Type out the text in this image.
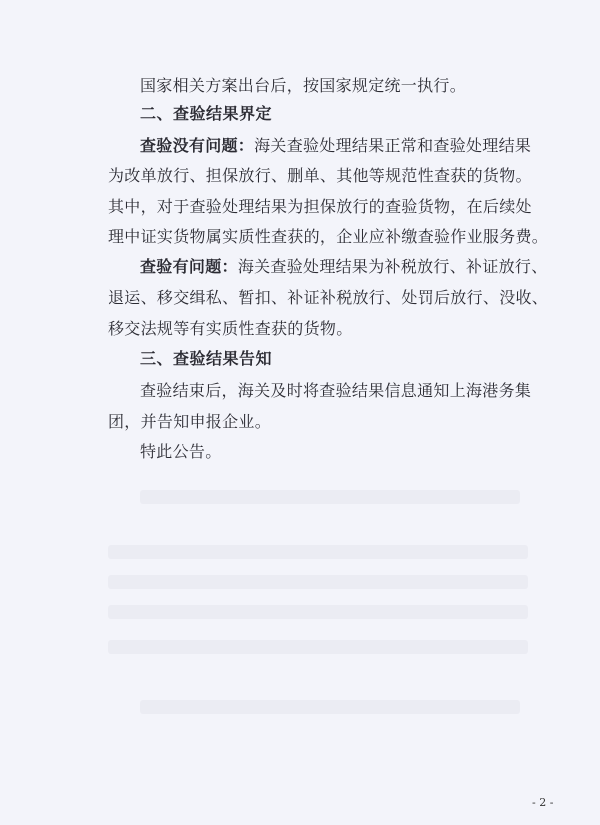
国家相关方案出台后，按国家规定统一执行。
二、查验结果界定
查验没有问题：海关查验处理结果正常和查验处理结果
为改单放行、担保放行、删单、其他等规范性查获的货物。
其中，对于查验处理结果为担保放行的查验货物，在后续处
理中证实货物属实质性查获的，企业应补缴查验作业服务费。
查验有问题：海关查验处理结果为补税放行、补证放行、
退运、移交缉私、暂扣、补证补税放行、处罚后放行、没收、
移交法规等有实质性查获的货物。
三、查验结果告知
查验结束后，海关及时将查验结果信息通知上海港务集
团，并告知申报企业。
特此公告。
- 2 -
